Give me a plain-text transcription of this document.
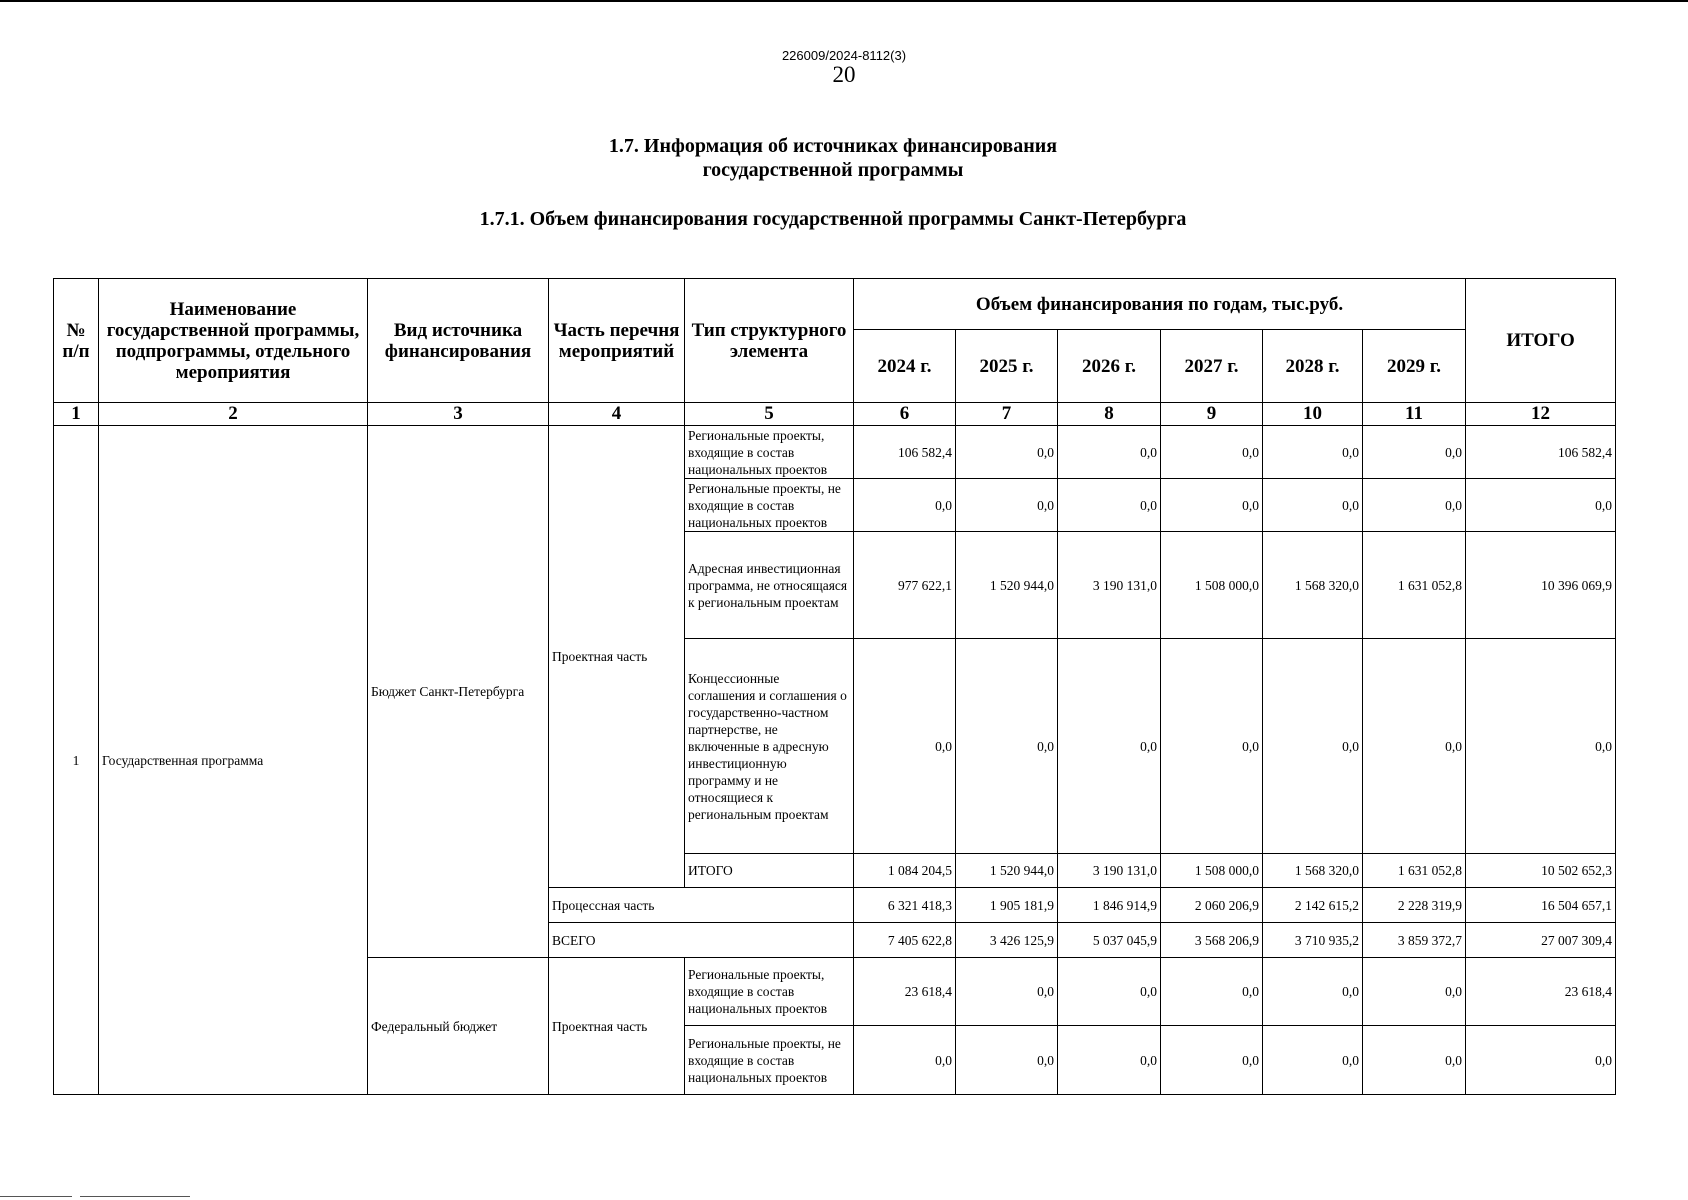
226009/2024-8112(3)
20
1.7. Информация об источниках финансирования
государственной программы
1.7.1. Объем финансирования государственной программы Санкт-Петербурга
№ п/п	Наименование государственной программы, подпрограммы, отдельного мероприятия	Вид источника финансирования	Часть перечня мероприятий	Тип структурного элемента	Объем финансирования по годам, тыс.руб.						ИТОГО
					2024 г.	2025 г.	2026 г.	2027 г.	2028 г.	2029 г.	
1	2	3	4	5	6	7	8	9	10	11	12
1	Государственная программа	Бюджет Санкт-Петербурга	Проектная часть	Региональные проекты, входящие в состав национальных проектов	106 582,4	0,0	0,0	0,0	0,0	0,0	106 582,4
				Региональные проекты, не входящие в состав национальных проектов	0,0	0,0	0,0	0,0	0,0	0,0	0,0
				Адресная инвестиционная программа, не относящаяся к региональным проектам	977 622,1	1 520 944,0	3 190 131,0	1 508 000,0	1 568 320,0	1 631 052,8	10 396 069,9
				Концессионные соглашения и соглашения о государственно-частном партнерстве, не включенные в адресную инвестиционную программу и не относящиеся к региональным проектам	0,0	0,0	0,0	0,0	0,0	0,0	0,0
				ИТОГО	1 084 204,5	1 520 944,0	3 190 131,0	1 508 000,0	1 568 320,0	1 631 052,8	10 502 652,3
			Процессная часть		6 321 418,3	1 905 181,9	1 846 914,9	2 060 206,9	2 142 615,2	2 228 319,9	16 504 657,1
			ВСЕГО		7 405 622,8	3 426 125,9	5 037 045,9	3 568 206,9	3 710 935,2	3 859 372,7	27 007 309,4
		Федеральный бюджет	Проектная часть	Региональные проекты, входящие в состав национальных проектов	23 618,4	0,0	0,0	0,0	0,0	0,0	23 618,4
				Региональные проекты, не входящие в состав национальных проектов	0,0	0,0	0,0	0,0	0,0	0,0	0,0
